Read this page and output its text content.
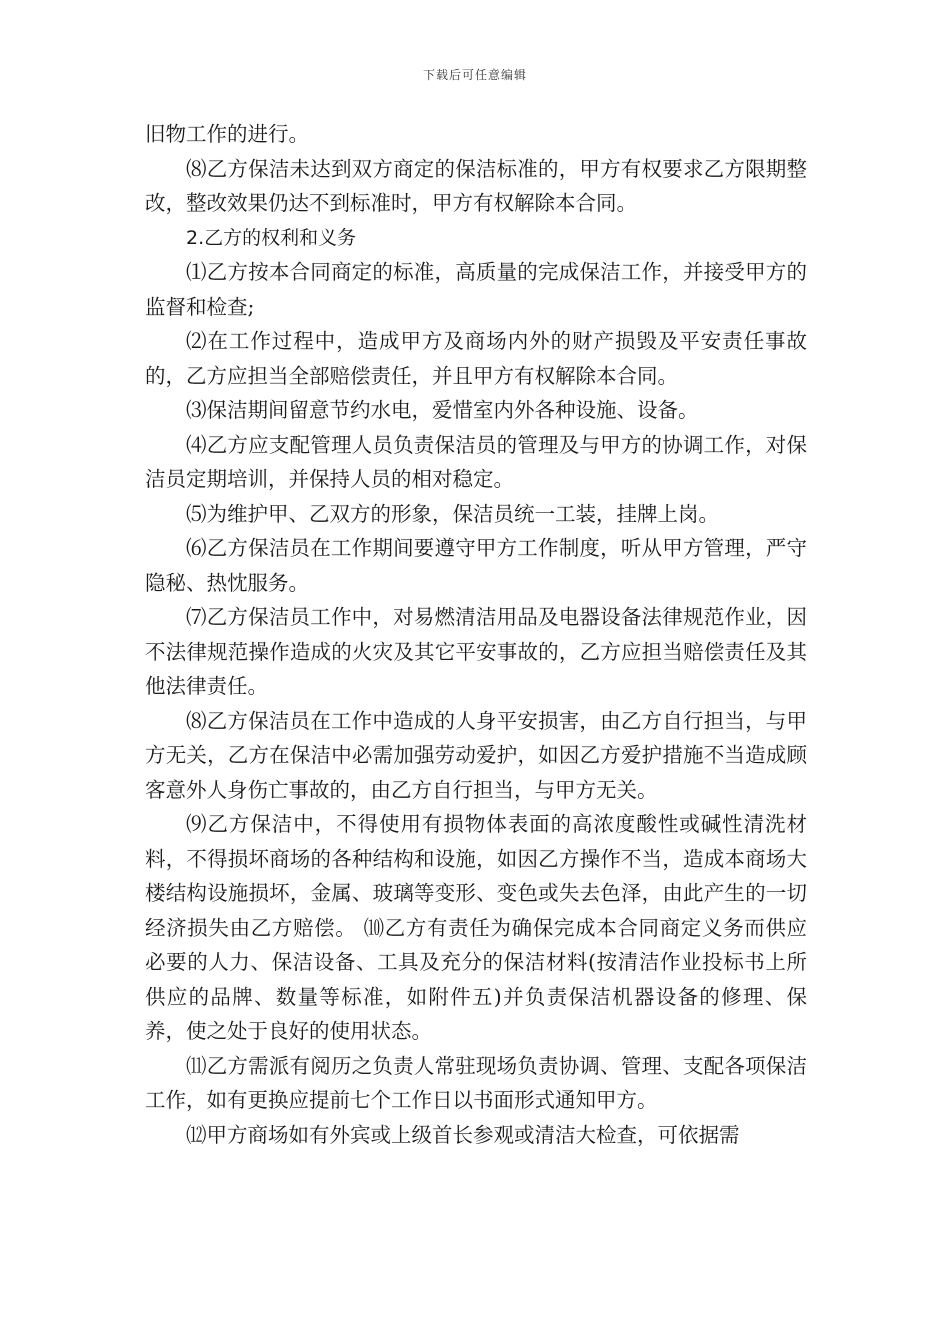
下载后可任意编辑

旧物工作的进行。

⑻乙方保洁未达到双方商定的保洁标准的，甲方有权要求乙方限期整改，整改效果仍达不到标准时，甲方有权解除本合同。

2.乙方的权利和义务

⑴乙方按本合同商定的标准，高质量的完成保洁工作，并接受甲方的监督和检查;

⑵在工作过程中，造成甲方及商场内外的财产损毁及平安责任事故的，乙方应担当全部赔偿责任，并且甲方有权解除本合同。

⑶保洁期间留意节约水电，爱惜室内外各种设施、设备。

⑷乙方应支配管理人员负责保洁员的管理及与甲方的协调工作，对保洁员定期培训，并保持人员的相对稳定。

⑸为维护甲、乙双方的形象，保洁员统一工装，挂牌上岗。

⑹乙方保洁员在工作期间要遵守甲方工作制度，听从甲方管理，严守隐秘、热忱服务。

⑺乙方保洁员工作中，对易燃清洁用品及电器设备法律规范作业，因不法律规范操作造成的火灾及其它平安事故的，乙方应担当赔偿责任及其他法律责任。

⑻乙方保洁员在工作中造成的人身平安损害，由乙方自行担当，与甲方无关，乙方在保洁中必需加强劳动爱护，如因乙方爱护措施不当造成顾客意外人身伤亡事故的，由乙方自行担当，与甲方无关。

⑼乙方保洁中，不得使用有损物体表面的高浓度酸性或碱性清洗材料，不得损坏商场的各种结构和设施，如因乙方操作不当，造成本商场大楼结构设施损坏，金属、玻璃等变形、变色或失去色泽，由此产生的一切经济损失由乙方赔偿。 ⑽乙方有责任为确保完成本合同商定义务而供应必要的人力、保洁设备、工具及充分的保洁材料(按清洁作业投标书上所供应的品牌、数量等标准，如附件五)并负责保洁机器设备的修理、保养，使之处于良好的使用状态。

⑾乙方需派有阅历之负责人常驻现场负责协调、管理、支配各项保洁工作，如有更换应提前七个工作日以书面形式通知甲方。

⑿甲方商场如有外宾或上级首长参观或清洁大检查，可依据需
